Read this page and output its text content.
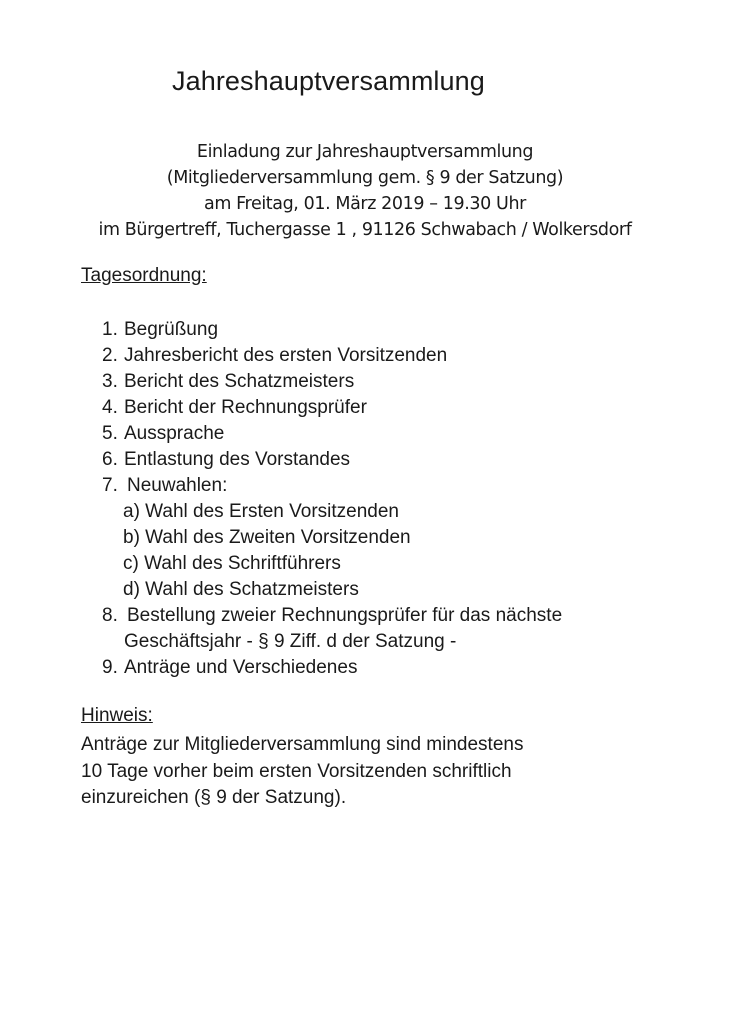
Jahreshauptversammlung
Einladung zur Jahreshauptversammlung
(Mitgliederversammlung gem. § 9 der Satzung)
am Freitag, 01. März 2019 – 19.30 Uhr
im Bürgertreff, Tuchergasse 1 , 91126 Schwabach / Wolkersdorf
Tagesordnung:
1. Begrüßung
2. Jahresbericht des ersten Vorsitzenden
3. Bericht des Schatzmeisters
4. Bericht der Rechnungsprüfer
5. Aussprache
6. Entlastung des Vorstandes
7. Neuwahlen:
a) Wahl des Ersten Vorsitzenden
b) Wahl des Zweiten Vorsitzenden
c) Wahl des Schriftführers
d) Wahl des Schatzmeisters
8. Bestellung zweier Rechnungsprüfer für das nächste
Geschäftsjahr - § 9 Ziff. d der Satzung -
9. Anträge und Verschiedenes
Hinweis:
Anträge zur Mitgliederversammlung sind mindestens
10 Tage vorher beim ersten Vorsitzenden schriftlich
einzureichen (§ 9 der Satzung).
